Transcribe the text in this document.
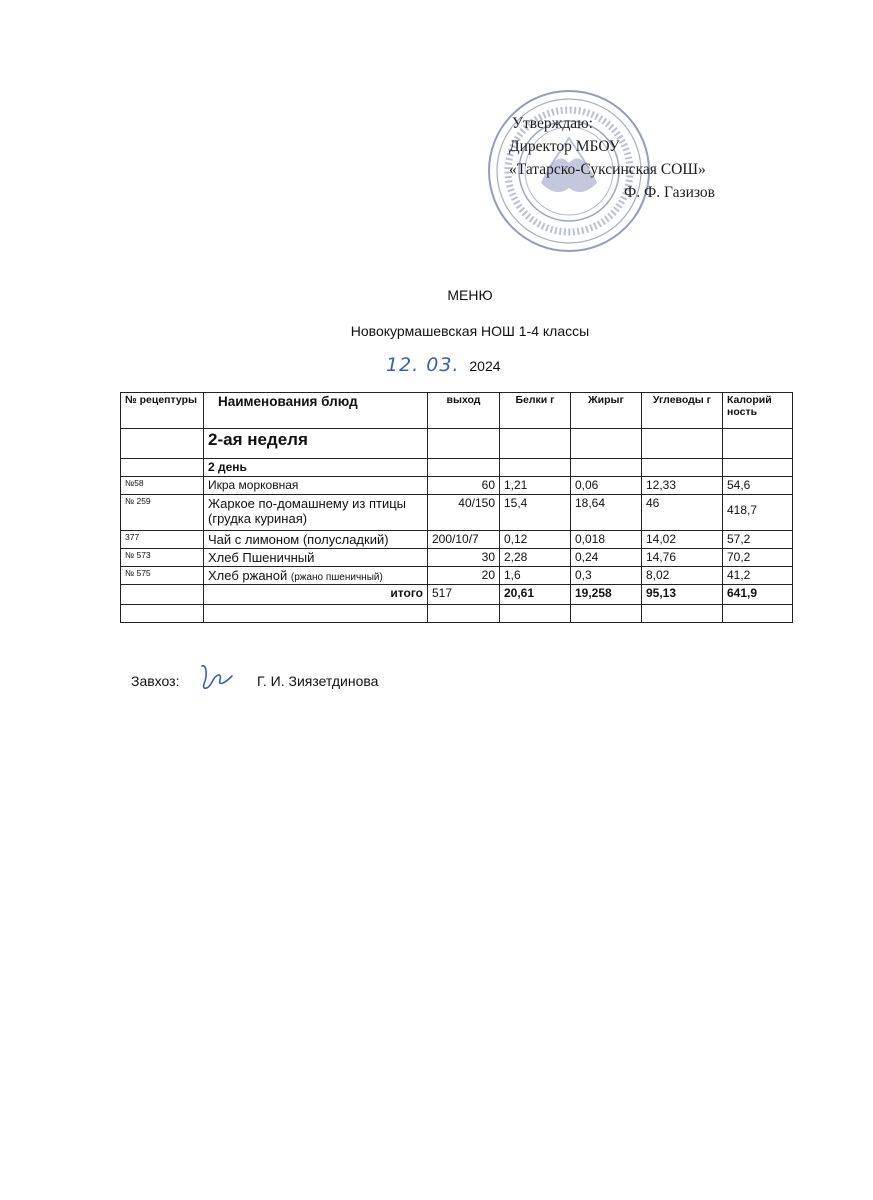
Утверждаю:
Директор МБОУ
«Татарско-Суксинская СОШ»
Ф. Ф. Газизов
МЕНЮ
Новокурмашевская НОШ 1-4 классы
12. 03. 2024
№ рецептуры	Наименования блюд	выход	Белки г	Жирыг	Углеводы г	Калорий ность
	2-ая неделя					
	2 день					
№58	Икра морковная	60	1,21	0,06	12,33	54,6
№ 259	Жаркое по-домашнему из птицы (грудка куриная)	40/150	15,4	18,64	46	418,7
377	Чай с лимоном (полусладкий)	200/10/7	0,12	0,018	14,02	57,2
№ 573	Хлеб Пшеничный	30	2,28	0,24	14,76	70,2
№ 575	Хлеб ржаной (ржано пшеничный)	20	1,6	0,3	8,02	41,2
	итого	517	20,61	19,258	95,13	641,9

Завхоз:	Г. И. Зиязетдинова
